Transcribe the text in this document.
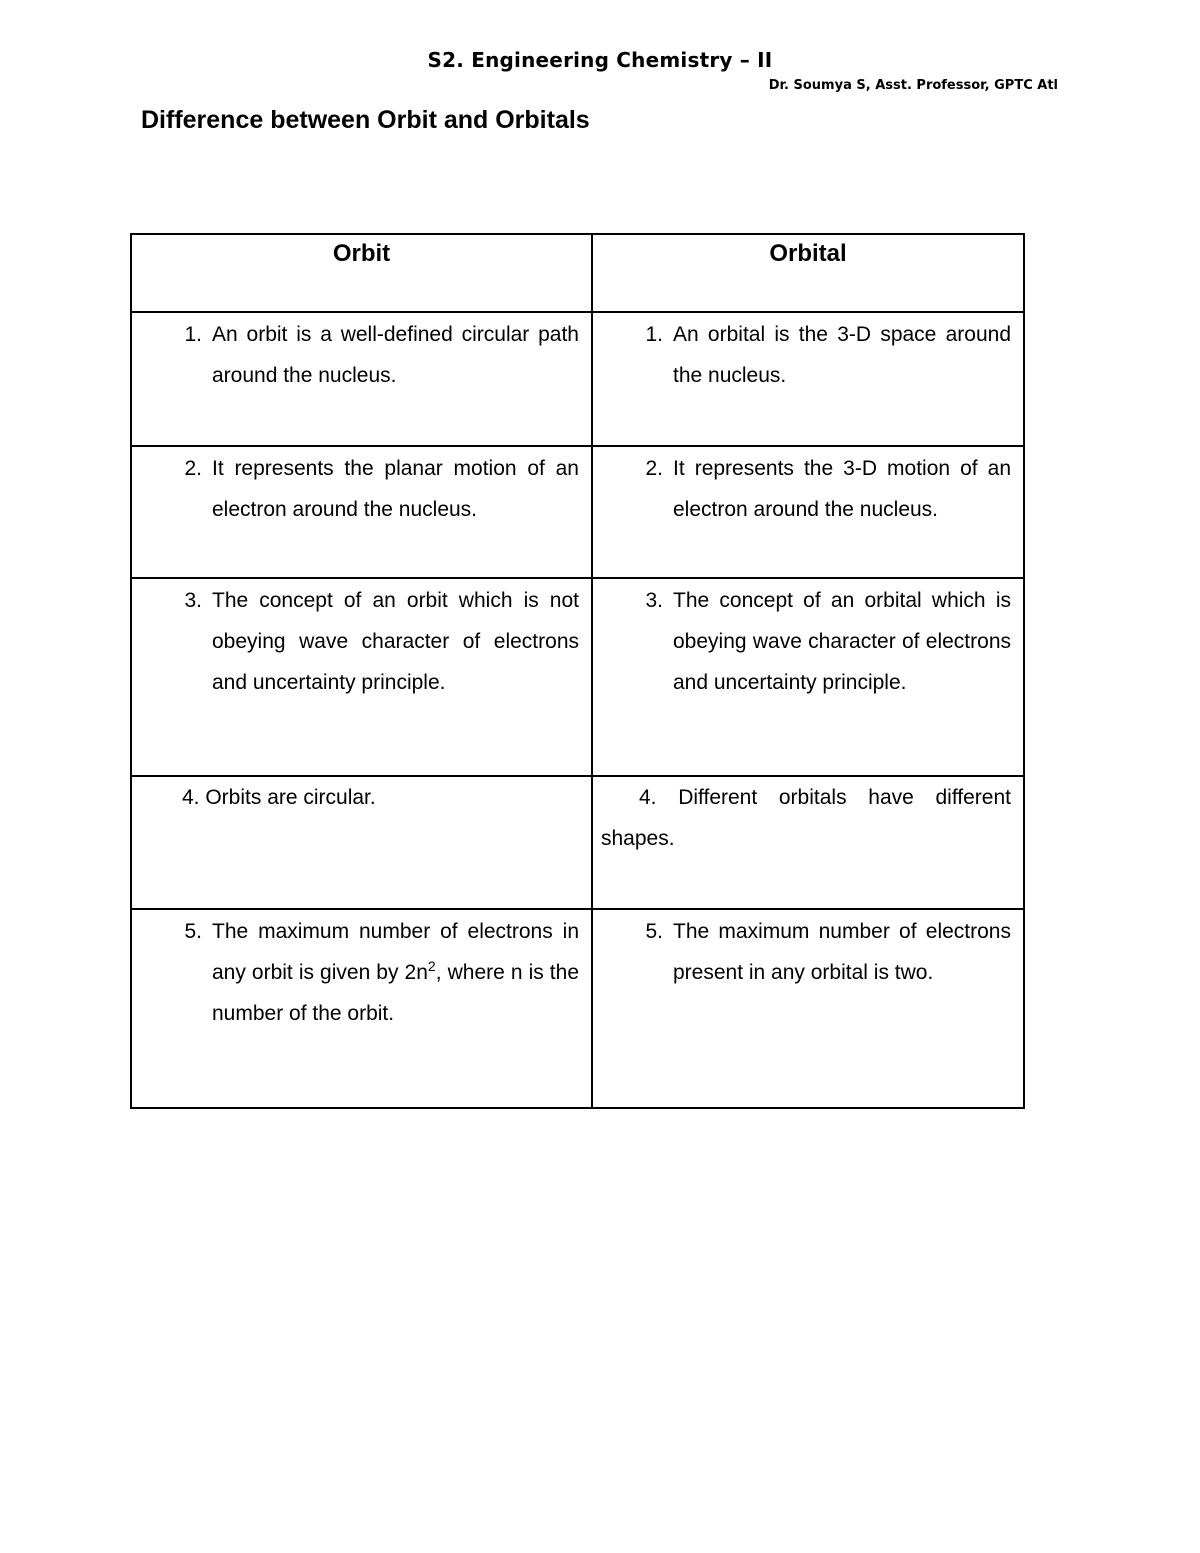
S2. Engineering Chemistry – II
Dr. Soumya S, Asst. Professor, GPTC Atl
Difference between Orbit and Orbitals
Orbit	Orbital

1. An orbit is a well-defined circular path around the nucleus.	1. An orbital is the 3-D space around the nucleus.

2. It represents the planar motion of an electron around the nucleus.	2. It represents the 3-D motion of an electron around the nucleus.

3. The concept of an orbit which is not obeying wave character of electrons and uncertainty principle.	3. The concept of an orbital which is obeying wave character of electrons and uncertainty principle.

4. Orbits are circular.	4. Different orbitals have different shapes.

5. The maximum number of electrons in any orbit is given by $2n^2$, where n is the number of the orbit.	5. The maximum number of electrons present in any orbital is two.
